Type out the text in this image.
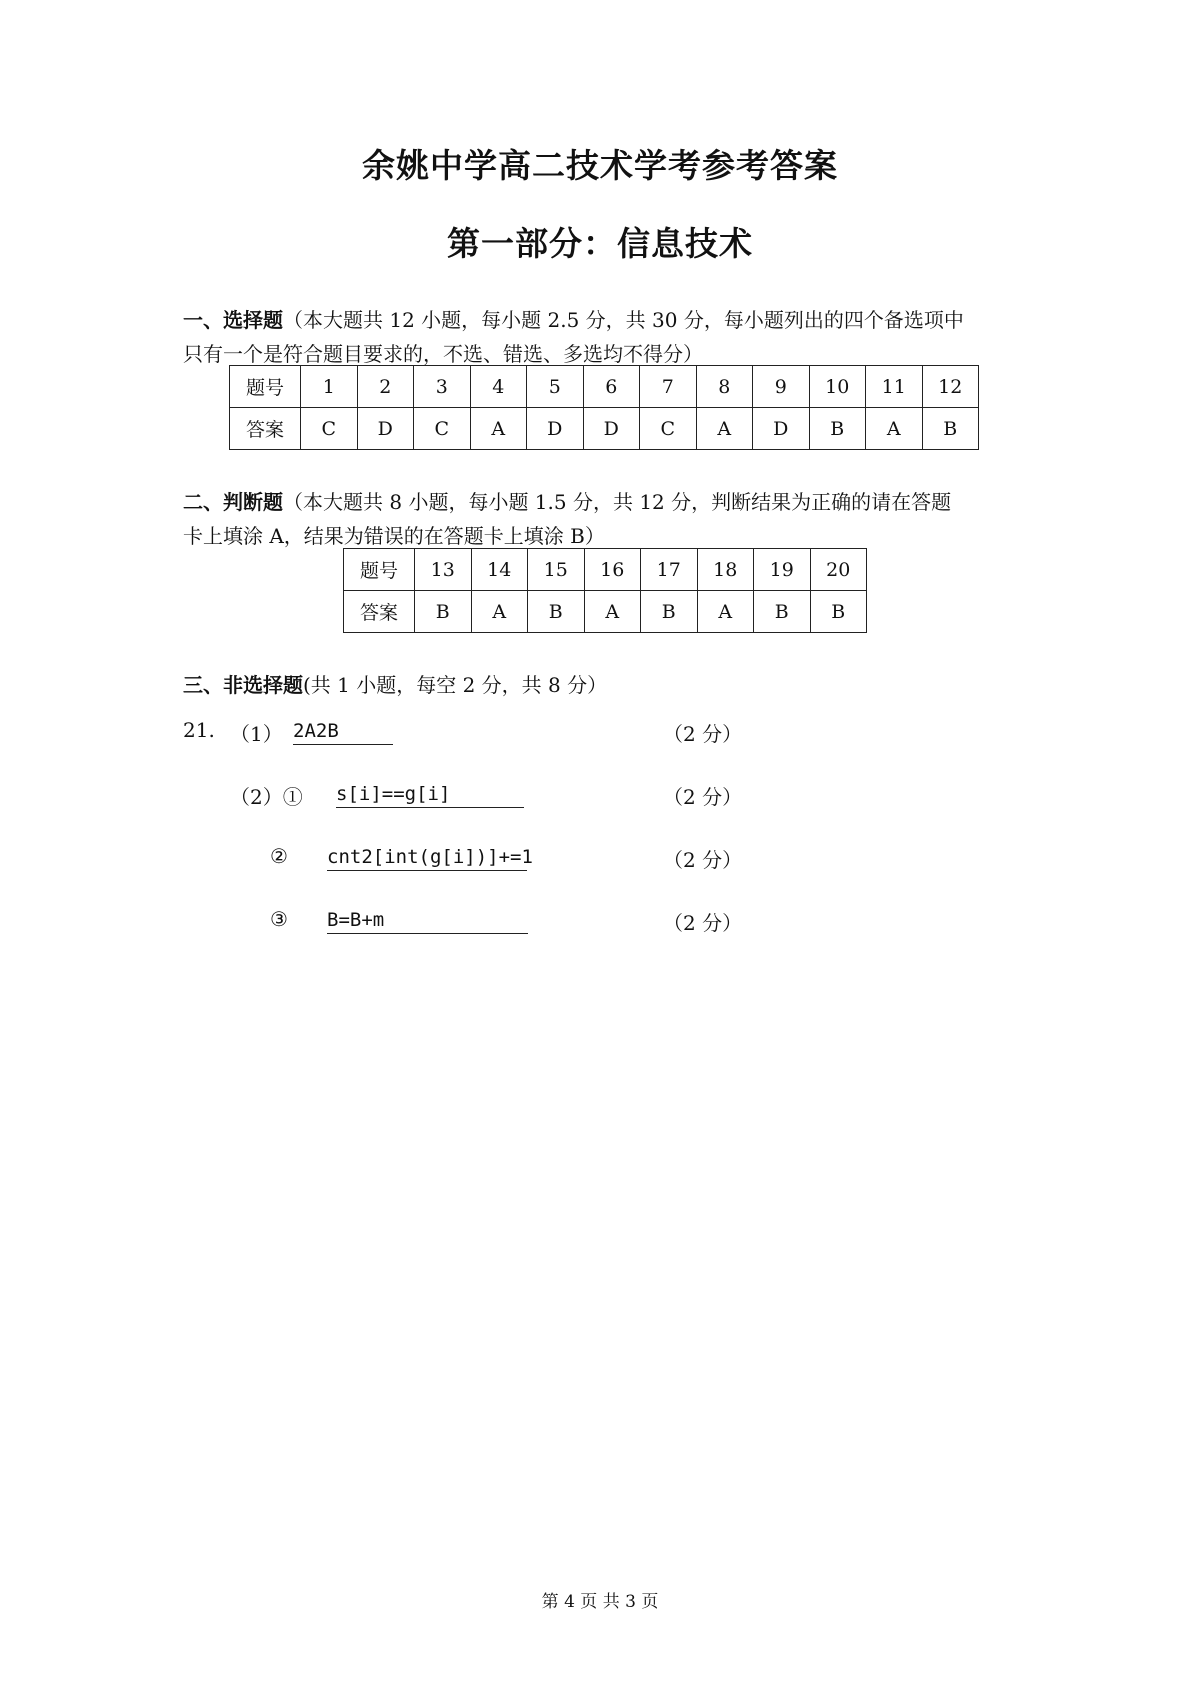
余姚中学高二技术学考参考答案
第一部分：信息技术
一、选择题（本大题共 12 小题，每小题 2.5 分，共 30 分，每小题列出的四个备选项中
只有一个是符合题目要求的，不选、错选、多选均不得分）
题号	1	2	3	4	5	6	7	8	9	10	11	12
答案	C	D	C	A	D	D	C	A	D	B	A	B
二、判断题（本大题共 8 小题，每小题 1.5 分，共 12 分，判断结果为正确的请在答题
卡上填涂 A，结果为错误的在答题卡上填涂 B）
题号	13	14	15	16	17	18	19	20
答案	B	A	B	A	B	A	B	B
三、非选择题(共 1 小题，每空 2 分，共 8 分）
21. （1） 2A2B	（2 分）
（2）① s[i]==g[i]	（2 分）
② cnt2[int(g[i])]+=1	（2 分）
③ B=B+m	（2 分）
第 4 页 共 3 页
